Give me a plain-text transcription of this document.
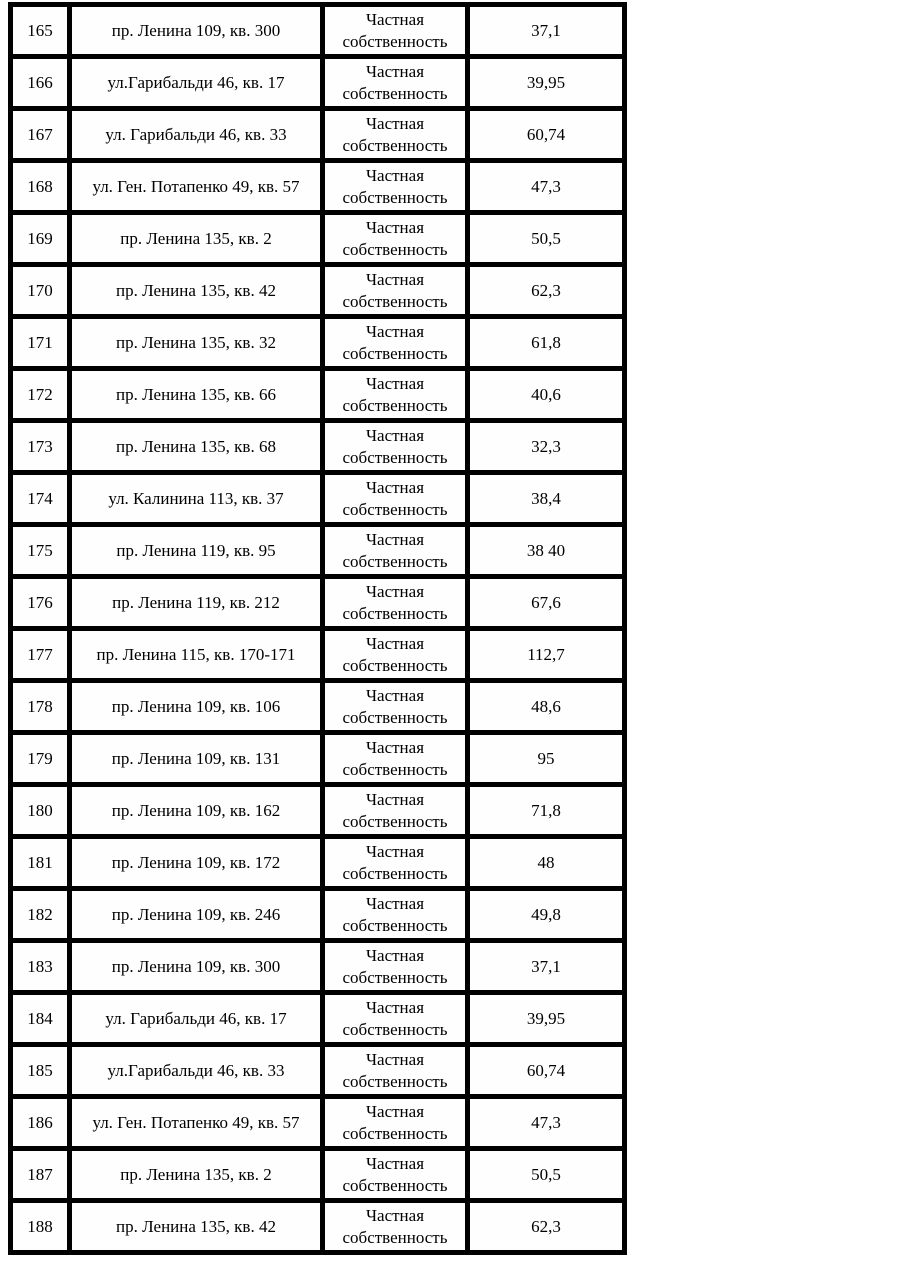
165	пр. Ленина 109, кв. 300	Частная собственность	37,1
166	ул.Гарибальди 46, кв. 17	Частная собственность	39,95
167	ул. Гарибальди 46, кв. 33	Частная собственность	60,74
168	ул. Ген. Потапенко 49, кв. 57	Частная собственность	47,3
169	пр. Ленина 135, кв. 2	Частная собственность	50,5
170	пр. Ленина 135, кв. 42	Частная собственность	62,3
171	пр. Ленина 135, кв. 32	Частная собственность	61,8
172	пр. Ленина 135, кв. 66	Частная собственность	40,6
173	пр. Ленина 135, кв. 68	Частная собственность	32,3
174	ул. Калинина 113, кв. 37	Частная собственность	38,4
175	пр. Ленина 119, кв. 95	Частная собственность	38 40
176	пр. Ленина 119, кв. 212	Частная собственность	67,6
177	пр. Ленина 115, кв. 170-171	Частная собственность	112,7
178	пр. Ленина 109, кв. 106	Частная собственность	48,6
179	пр. Ленина 109, кв. 131	Частная собственность	95
180	пр. Ленина 109, кв. 162	Частная собственность	71,8
181	пр. Ленина 109, кв. 172	Частная собственность	48
182	пр. Ленина 109, кв. 246	Частная собственность	49,8
183	пр. Ленина 109, кв. 300	Частная собственность	37,1
184	ул. Гарибальди 46, кв. 17	Частная собственность	39,95
185	ул.Гарибальди 46, кв. 33	Частная собственность	60,74
186	ул. Ген. Потапенко 49, кв. 57	Частная собственность	47,3
187	пр. Ленина 135, кв. 2	Частная собственность	50,5
188	пр. Ленина 135, кв. 42	Частная собственность	62,3
